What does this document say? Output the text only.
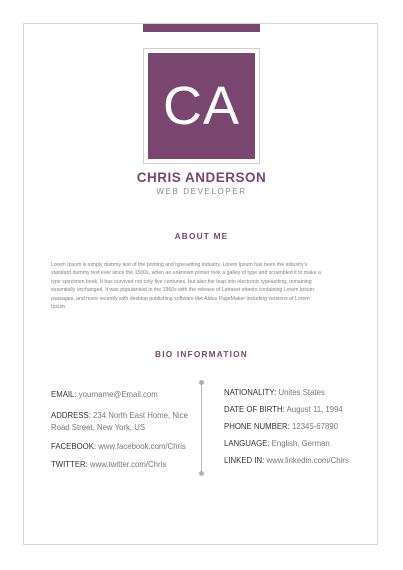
CA
CHRIS ANDERSON
WEB DEVELOPER
ABOUT ME
Lorem Ipsum is simply dummy text of the printing and typesetting industry. Lorem Ipsum has been the industry's
standard dummy text ever since the 1500s, when an unknown printer took a galley of type and scrambled it to make a
type specimen book. It has survived not only five centuries, but also the leap into electronic typesetting, remaining
essentially unchanged. It was popularised in the 1960s with the release of Letraset sheets containing Lorem Ipsum
passages, and more recently with desktop publishing software like Aldus PageMaker including versions of Lorem
Ipsum
BIO INFORMATION

EMAIL: yourname@Email.com

ADDRESS: 234 North East Home, Nice

Road Street, New York, US

FACEBOOK: www.facebook.com/Chris

TWITTER: www.twitter.com/Chris

NATIONALITY: Unites States

DATE OF BIRTH: August 11, 1994

PHONE NUMBER: 12345-67890

LANGUAGE: English, German

LINKED IN: www.linkedin.com/Chirs
